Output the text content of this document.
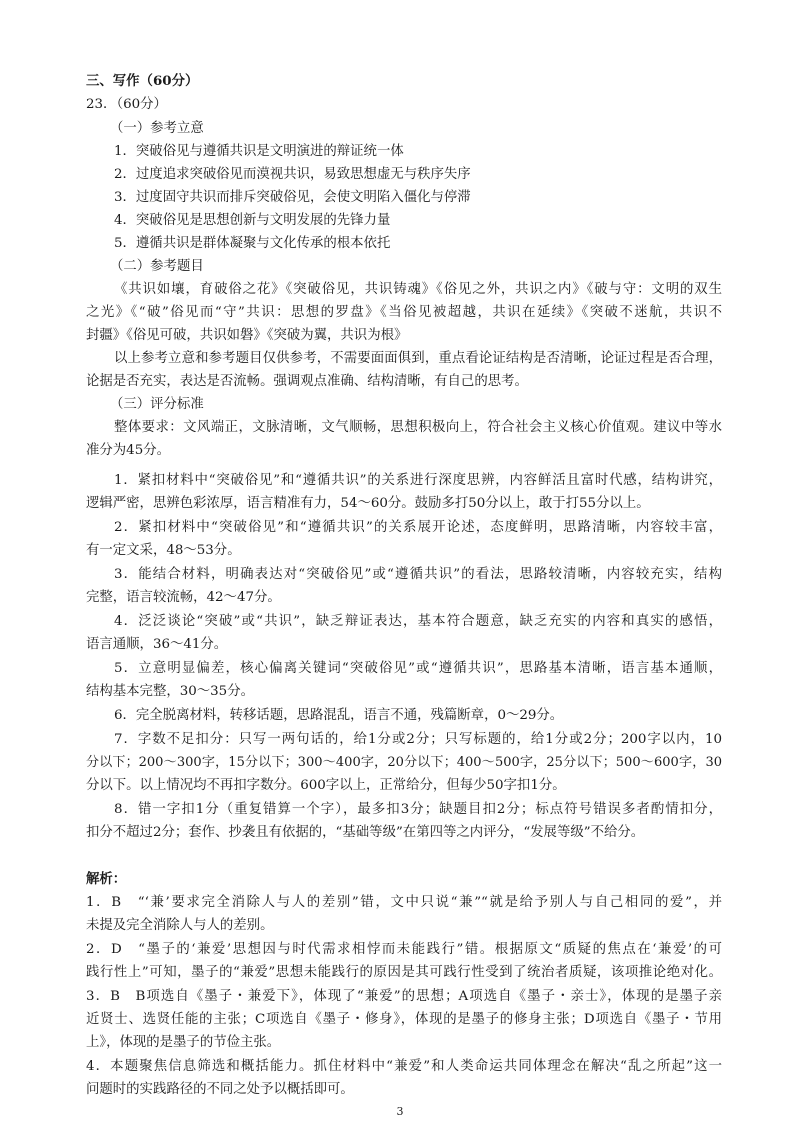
三、写作（60分）
23．（60分）
（一）参考立意
1．突破俗见与遵循共识是文明演进的辩证统一体
2．过度追求突破俗见而漠视共识，易致思想虚无与秩序失序
3．过度固守共识而排斥突破俗见，会使文明陷入僵化与停滞
4．突破俗见是思想创新与文明发展的先锋力量
5．遵循共识是群体凝聚与文化传承的根本依托
（二）参考题目
《共识如壤，育破俗之花》《突破俗见，共识铸魂》《俗见之外，共识之内》《破与守：文明的双生
之光》《“破”俗见而“守”共识：思想的罗盘》《当俗见被超越，共识在延续》《突破不迷航，共识不
封疆》《俗见可破，共识如磐》《突破为翼，共识为根》
以上参考立意和参考题目仅供参考，不需要面面俱到，重点看论证结构是否清晰，论证过程是否合理，
论据是否充实，表达是否流畅。强调观点准确、结构清晰，有自己的思考。
（三）评分标准
整体要求：文风端正，文脉清晰，文气顺畅，思想积极向上，符合社会主义核心价值观。建议中等水
准分为45分。
1．紧扣材料中“突破俗见”和“遵循共识”的关系进行深度思辨，内容鲜活且富时代感，结构讲究，
逻辑严密，思辨色彩浓厚，语言精准有力，54～60分。鼓励多打50分以上，敢于打55分以上。
2．紧扣材料中“突破俗见”和“遵循共识”的关系展开论述，态度鲜明，思路清晰，内容较丰富，
有一定文采，48～53分。
3．能结合材料，明确表达对“突破俗见”或“遵循共识”的看法，思路较清晰，内容较充实，结构
完整，语言较流畅，42～47分。
4．泛泛谈论“突破”或“共识”，缺乏辩证表达，基本符合题意，缺乏充实的内容和真实的感悟，
语言通顺，36～41分。
5．立意明显偏差，核心偏离关键词“突破俗见”或“遵循共识”，思路基本清晰，语言基本通顺，
结构基本完整，30～35分。
6．完全脱离材料，转移话题，思路混乱，语言不通，残篇断章，0～29分。
7．字数不足扣分：只写一两句话的，给1分或2分；只写标题的，给1分或2分；200字以内，10
分以下；200～300字，15分以下；300～400字，20分以下；400～500字，25分以下；500～600字，30
分以下。以上情况均不再扣字数分。600字以上，正常给分，但每少50字扣1分。
8．错一字扣1分（重复错算一个字），最多扣3分；缺题目扣2分；标点符号错误多者酌情扣分，
扣分不超过2分；套作、抄袭且有依据的，“基础等级”在第四等之内评分，“发展等级”不给分。
解析：
1．B　“‘兼’要求完全消除人与人的差别”错，文中只说“兼”“就是给予别人与自己相同的爱”，并
未提及完全消除人与人的差别。
2．D　“墨子的‘兼爱’思想因与时代需求相悖而未能践行”错。根据原文“质疑的焦点在‘兼爱’的可
践行性上”可知，墨子的“兼爱”思想未能践行的原因是其可践行性受到了统治者质疑，该项推论绝对化。
3．B　B项选自《墨子・兼爱下》，体现了“兼爱”的思想；A项选自《墨子・亲士》，体现的是墨子亲
近贤士、选贤任能的主张；C项选自《墨子・修身》，体现的是墨子的修身主张；D项选自《墨子・节用
上》，体现的是墨子的节俭主张。
4．本题聚焦信息筛选和概括能力。抓住材料中“兼爱”和人类命运共同体理念在解决“乱之所起”这一
问题时的实践路径的不同之处予以概括即可。
3
